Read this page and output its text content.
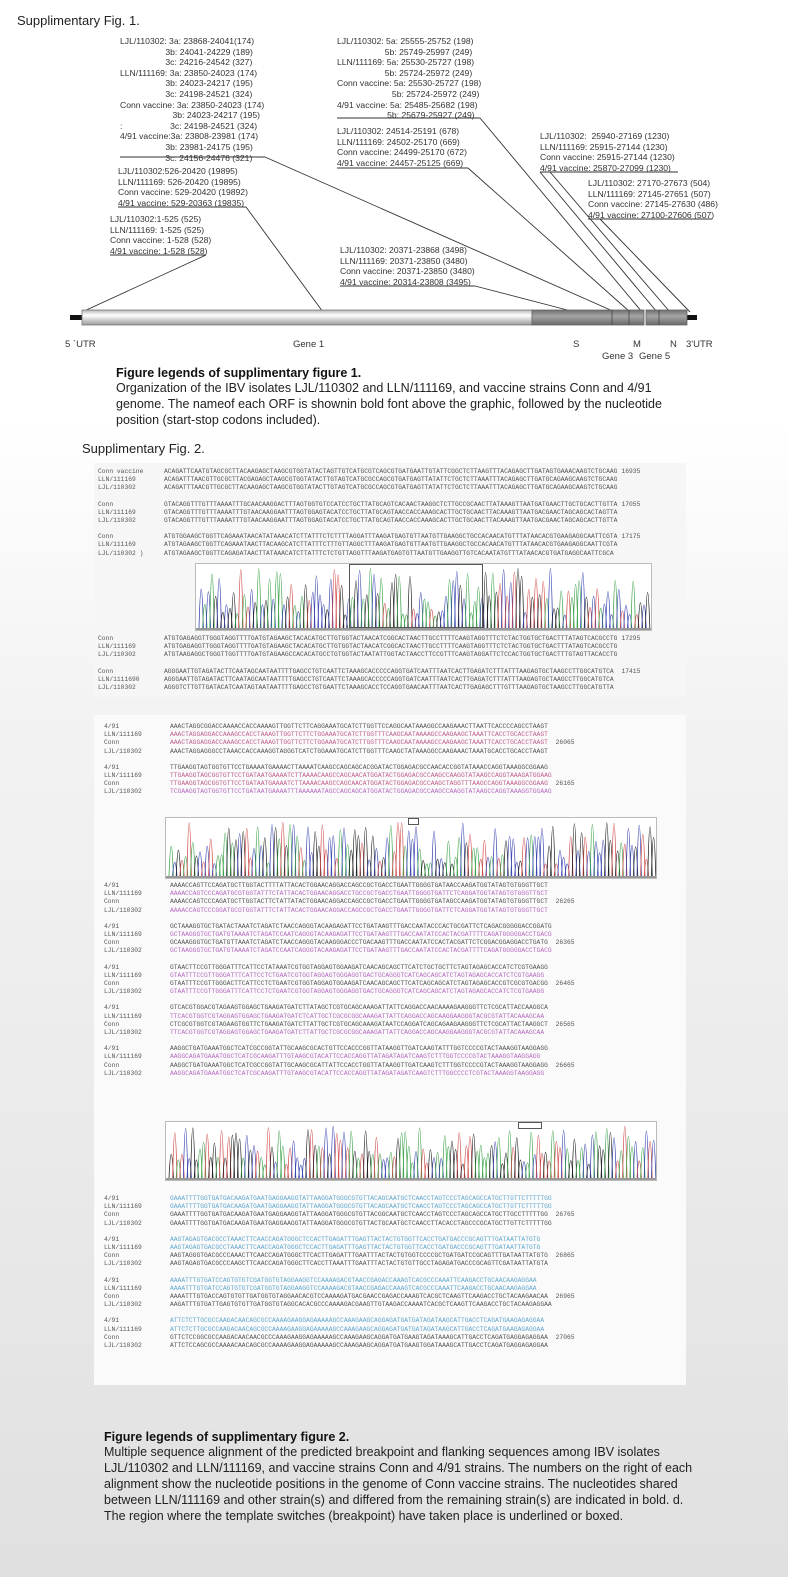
Supplimentary Fig. 1.
LJL/110302: 3a: 23868-24041(174)
3b: 24041-24229 (189)
3c: 24216-24542 (327)
LLN/111169: 3a: 23850-24023 (174)
3b: 24023-24217 (195)
3c: 24198-24521 (324)
Conn vaccine: 3a: 23850-24023 (174)
3b: 24023-24217 (195)
:                    3c: 24198-24521 (324)
4/91 vaccine:3a: 23808-23981 (174)
3b: 23981-24175 (195)
3c: 24156-24476 (321)
LJL/110302: 5a: 25555-25752 (198)
5b: 25749-25997 (249)
LLN/111169: 5a: 25530-25727 (198)
5b: 25724-25972 (249)
Conn vaccine: 5a: 25530-25727 (198)
5b: 25724-25972 (249)
4/91 vaccine: 5a: 25485-25682 (198)
5b: 25679-25927 (249)
LJL/110302: 24514-25191 (678)
LLN/111169: 24502-25170 (669)
Conn vaccine: 24499-25170 (672)
4/91 vaccine: 24457-25125 (669)
LJL/110302:  25940-27169 (1230)
LLN/111169: 25915-27144 (1230)
Conn vaccine: 25915-27144 (1230)
4/91 vaccine: 25870-27099 (1230)
LJL/110302: 27170-27673 (504)
LLN/111169: 27145-27651 (507)
Conn vaccine: 27145-27630 (486)
4/91 vaccine: 27100-27606 (507)
LJL/110302:526-20420 (19895)
LLN/111169: 526-20420 (19895)
Conn vaccine: 529-20420 (19892)
4/91 vaccine: 529-20363 (19835)
LJL/110302:1-525 (525)
LLN/111169: 1-525 (525)
Conn vaccine: 1-528 (528)
4/91 vaccine: 1-528 (528)	LJL/110302: 20371-23868 (3498)
LLN/111169: 20371-23850 (3480)
Conn vaccine: 20371-23850 (3480)
4/91 vaccine: 20314-23808 (3495)
5 `UTR	Gene 1	S	M	N 3'UTR
Gene 3 Gene 5
Figure legends of supplimentary figure 1.

Organization of the IBV isolates LJL/110302 and LLN/111169, and vaccine strains Conn and 4/91 genome. The nameof each ORF is shownin bold font above the graphic, followed by the nucleotide position (start-stop codons included).

Supplimentary Fig. 2.
Conn vaccine	ACAGATTCAATGTAGCGCTTACAAGAGCTAAGCGTGGTATACTAGTTGTCATGCGTCAGCGTGATGAATTGTATTCGGCTCTTAAGTTTACAGAGCTTGATAGTGAAACAAGTCTGCAAG 16935
LLN/111169	ACAGATTTAACGTTGCGCTTACGAGAGCTAAGCGTGGTATACTTGTAGTCATGCGCCAGCGTGATGAGTTATATTCTGCTCTTAAATTTACAGAGCTTGATGCAGAAGCAAGTCTGCAAG
LJL/110302	ACAGATTTAACGTTGCGCTTACAAGAGCTAAGCGTGGTATACTTGTAGTCATGCGCCAGCGTGATGAGTTATATTCTGCTCTTAAATTTACAGAGCTTGATGCAGAAGCAAGTCTGCAAG
Conn	GTACAGGTTTGTTTAAAATTTGCAACAAGGACTTTAGTGGTGTCCATCCTGCTTATGCAGTCACAACTAAGGCTCTTGCCGCAACTTATAAAGTTAATGATGAACTTGCTGCACTTGTTA 17055
LLN/111169	GTACAGGTTTGTTTAAAATTTGTAACAAGGAATTTAGTGGAGTACATCCTGCTTATGCAGTAACCACCAAAGCACTTGCTGCAACTTACAAAGTTAATGACGAACTAGCAGCACTAGTTA
LJL/110302	GTACAGGTTTGTTTAAAATTTGTAACAAGGAATTTAGTGGAGTACATCCTGCTTATGCAGTAACCACCAAAGCACTTGCTGCAACTTACAAAGTTAATGACGAACTAGCAGCACTTGTTA
Conn	ATGTGGAAGCTGGTTCAGAAATAACATATAAACATCTTATTTCTCTTTTAGGATTTAAGATGAGTGTTAATGTTGAAGGCTGCCACAACATGTTTATAACACGTGAAGAGGCAATTCGTA 17175
LLN/111169	ATGTAGAAGCTGGTTCAGAAATAACTTACAAGCATCTTATTTCTTTGTTAGGCTTTAAGATGAGTGTTAATGTTGAAGGCTGCCACAACATGTTTATAACACGTGAAGAGGCAATTCGTA
LJL/110302 )	ATGTAGAAGCTGGTTCAGAGATAACTTATAAACATCTTATTTCTCTGTTAGGTTTAAGATGAGTGTTAATGTTGAAGGTTGTCACAATATGTTTATAACACGTGATGAGGCAATTCGCA
Conn	ATGTGAGAGGTTGGGTAGGTTTTGATGTAGAAGCTACACATGCTTGTGGTACTAACATCGGCACTAACTTGCCTTTTCAAGTAGGTTTCTCTACTGGTGCTGACTTTATAGTCACGCCTG 17295
LLN/111169	ATGTGAGAGGTTGGGTAGGTTTTGATGTAGAAGCTACACATGCTTGTGGTACTAACATCGGCACTAACTTGCCTTTTCAAGTAGGTTTCTCTACTGGTGCTGACTTTATAGTCACGCCTG
LJL/110302	ATGTAAGAGGCTGGGTTGGTTTTGATGTAGAAGCCACACATGCCTGTGGTACTAATATTGGTACTAACCTTCCGTTTCAAGTAGGATTCTCCACTGGTGCTGACTTTGTAGTTACACCTG
Conn	AGGGAATTGTAGATACTTCAATAGCAATAATTTTGAGCCTGTCAATTCTAAAGCACCCCCAGGTGATCAATTTAATCACTTGAGATCTTTATTTAAGAGTGCTAAGCCTTGGCATGTCA 17415
LLN/1111690	AGGGAATTGTAGATACTTCAATAGCAATAATTTTGAGCCTGTCAATTCTAAAGCACCCCCAGGTGATCAATTTAATCACTTGAGATCTTTATTTAAGAGTGCTAAGCCTTGGCATGTCA
LJL/110302	AGGGTCTTGTTGATACATCAATAGTAATAATTTTGAGCCTGTGAATTCTAAAGCACCTCCAGGTGAACAATTTAATCACTTGAGAGCTTTGTTTAAGAGTGCTAAGCCTTGGCATGTTA
4/91	AAACTAGGCGGACCAAAACCACCAAAAGTTGGTTCTTCAGGAAATGCATCTTGGTTCCAGGCAATAAAGGCCAAGAAACTTAATTCACCCCAGCCTAAGT
LLN/111169	AAACTAGGAGGACCAAAGCCACCTAAAGTTGGTTCTTCTGGAAATGCATCTTGGTTTCAAGCAATAAAAGCCAAGAAGCTAAATTCACCTGCACCTAAGT
Conn	AAACTAGGAGGACCAAAGCCACCTAAAGTTGGTTCTTCTGGAAATGCATCTTGGTTTCAAGCAATAAAAGCCAAGAAGCTAAATTCACCTGCACCTAAGT 26065
LJL/110302	AAACTAGGAGGGCCTAAACCACCAAAGGTAGGGTCATCTGGAAATGCATCTTGGTTTCAAGCTATAAAGGCCAAGAAACTAAATGCACCTGCACCTAAGT
4/91	TTGAAGGTAGTGGTGTTCCTGAAAATGAAAACTTAAAATCAAGCCAGCAGCACGGATACTGGAGACGCCAACACCGGTATAAACCAGGTAAAGGCGGAAG
LLN/111169	TTGAAGGTAGCGGTGTTCCTGATAATGAAAATCTTAAAACAAGCCAGCAACATGGATACTGGAGACGCCAAGCCAAGGTATAAGCCAGGTAAAGATGGAAG
Conn	TTGAAGGTAGCGGTGTTCCTGATAATGAAAATCTTAAAACAAGCCAGCAACATGGATACTGGAGACGCCAAGCTAGGTTTAAGCCAGGTAAAGGCGGAAG 26165
LJL/110302	TCGAAGGTAGTGGTGTTCCTGATAATGAAAATTTAAAAAATAGCCAGCAGCATGGATACTGGAGACGCCAAGCCAAGGTATAAGCCAGGTAAAGGTGGAAG
4/91	AAAACCAGTTCCAGATGCTTGGTACTTTTATTACACTGGAACAGGACCAGCCGCTGACCTGAATTGGGGTGATAACCAAGATGGTATAGTGTGGGTTGCT
LLN/111169	AAAACCAGTCCCAGATGCGTGGTATTTCTATTACACTGGAACAGGACCTGCCGCTGACCTGAATTGGGGTGATTCTCAGGATGGTATAGTGTGGGTTGCT
Conn	AAAACCAGTCCCAGATGCTTGGTACTTCTATTATACTGGAACAGGACCAGCCGCTGACCTGAATTGGGGTGATAGCCAAGATGGTATAGTGTGGGTTGCT 26265
LJL/110302	AAAACCAGTCCCGGATGCGTGGTATTTCTATTACACTGGAACAGGACCAGCCGCTGACCTGAATTGGGGTGATTCTCAGGATGGTATAGTGTGGGTTGCT
4/91	GCTAAAGGTGCTGATACTAAATCTAGATCTAACCAGGGTACAAGAGATTCCTGATAAGTTTGACCAATACCCACTGCGATTCTCAGACGGGGGACCGGATG
LLN/111169	GCTAAGGGTGCTGATGTAAAATCTAGATCCAATCAGGGTACAAGAGATTCCTGATAAGTTTGACCAATATCCACTACGATTTTCAGATGGGGGACCTGACG
Conn	GCAAAGGGTGCTGATGTTAAATCTAGATCTAACCAGGGTACAAGGGACCCTGACAAGTTTGACCAATATCCACTACGATTCTCGGACGGAGGACCTGATG 26365
LJL/110302	GCTAAGGGTGCTGATGTAAAATCTAGATCCAATCAGGGTACAAGAGATTCCTGATAAGTTTGACCAATATCCACTACGATTTTCAGATGGGGGACCTGACG
4/91	GTAACTTCCGTTGGGATTTCATTCCTATAAATCGTGGTAGGAGTGGAAGATCAACAGCAGCTTCATCTGCTGCTTCTAGTAGAGCACCATCTCGTGAAGG
LLN/111169	GTAATTTCCGTTGGGATTTCATTCCTCTGAATCGTGGTAGGAGTGGGAGGTGACTGCAGGGTCATCAGCAGCATCTAGTAGAGCACCATCTCGTGAAGG
Conn	GTAATTTCCGTTGGGACTTCATTCCTCTGAATCGTGGTAGGAGTGGAAGATCAACAGCAGCTTCATCAGCAGCATCTAGTAGAGCACCGTCGCGTGACGG 26465
LJL/110302	GTAATTTCCGTTGGGATTTCATTCCTCTGAATCGTGGTAGGAGTGGGAGGTGACTGCAGGGTCATCAGCAGCATCTAGTAGAGCACCATCTCGTGAAGG
4/91	GTCACGTGGACGTAGAAGTGGAGCTGAAGATGATCTTATAGCTCGTGCAGCAAAGATTATTCAGGACCAACAAAAGAAGGGTTCTCGCATTACCAAGGCA
LLN/111169	TTCACGTGGTCGTAGGAGTGGAGCTGAAGATGATCTCATTGCTCGCGCGGCAAAGATTATTCAGGACCAGCAAGGAAGGGTACGCGTATTACAAAGCAA
Conn	CTCGCGTGGTCGTAGAAGTGGTTCTGAAGATGATCTTATTGCTCGTGCAGCAAAGATAATCCAGGATCAGCAGAAGAAGGGTTCTCGCATTACTAAGGCT 26565
LJL/110302	TTCACGTGGTCGTAGGAGTGGAGCTGAAGATGATCTTATTGCTCGCGCGGCAAAGATTATTCAGGACCAGCAAGGAAGGGTACGCGTATTACAAAGCAA
4/91	AAGGCTGATGAAATGGCTCATCGCCGGTATTGCAAGCGCACTGTTCCACCCGGTTATAAGGTTGATCAAGTATTTGGTCCCCGTACTAAAGGTAAGGAGG
LLN/111169	AAGGCAGATGAAATGGCTCATCGCAAGATTTGTAAGCGTACATTCCACCAGGTTATAGATAGATCAAGTCTTTGGTCCCCGTACTAAAGGTAAGGAGG
Conn	AAGGCTGATGAAATGGCTCATCGCCGGTATTGCAAGCGCATTATTCCACCTGGTTATAAGGTTGATCAAGTCTTTGGTCCCCGTACTAAAGGTAAGGAGG 26665
LJL/110302	AAGGCAGATGAAATGGCTCATCGCAAGATTTGTAAGCGTACATTCCACCAGGTTATAGATAGATCAAGTCTTTGGCCCCTCGTACTAAAGGTAAGGAGG
4/91	GAAATTTTGGTGATGACAAGATGAATGAGGAAGGTATTAAGGATGGGCGTGTTACAGCAATGCTCAACCTAGTCCCTAGCAGCCATGCTTGTTCTTTTTGG
LLN/111169	GAAATTTTGGTGATGACAAGATGAATGAGGAAGGTATTAAGGATGGGCGTGTTACAGCAATGCTCAACCTAGTCCCTAGCAGCCATGCTTGTTCTTTTTGG
Conn	GAAATTTTGGTGATGACAAGATGAATGAGGAAGGTATTAAGGATGGGCGTGTTACGGCAATGCTCAACCTAGTCCCTAGCAGCCATGCTTGCCTTTTTGG 26765
LJL/110302	GAAATTTTGGTGATGACAAGATGAATGAGGAAGGTATTAAGGATGGGCGTGTTACTGCAATGCTCAACCTTACACCTAGCCCGCATGCTTGTTCTTTTTGG
4/91	AAGTAGAGTGACGCCTAAACTTCAACCAGATGGGCTCCACTTGAGATTTGAGTTACTACTGTGGTTCACCTGATGACCCGCAGTTTGATAATTATGTG
LLN/111169	AAGTAGAGTGACGCCTAAACTTCAACCAGATGGGCTCCACTTGAGATTTGAGTTACTACTGTGGTTCACCTGATGACCCGCAGTTTGATAATTATGTG
Conn	AAGTAGGGTGACGCCCAAACTTCAACCAGATGGGCTTCACTTGAGATTTGAATTTACTACTGTGGTCCCCGCTGATGATCCGCAGTTTGATAATTATGTG 26865
LJL/110302	AAGTAGAGTGACGCCCAAGCTTCAACCAGATGGGCTTCACCTTAAATTTGAATTTACTACTGTGTTGCCTAGAGATGACCCGCAGTTCGATAATTATGTA
4/91	AAAATTTGTGATCCAGTGTGTCGATGGTGTAGGAAGGTCCAAAAGACGTAACCGAGACCAAAGTCACGCCCAAATTCAAGACCTGCAACAAGAGGAA
LLN/111169	AAAATTTGTGATCCAGTGTGTCGATGGTGTAGGAAGGTCCAAAAGACGTAACCGAGACCAAAGTCACGCCCAAATTCAAGACCTGCAACAAGAGGAA
Conn	AAAATTTGTGACCAGTGTGTTGATGGTGTAGGAACACGTCCAAAAGATGACGAACCGAGACCAAAGTCACGCTCAAGTTCAAGACCTGCTACAAGAACAA 26965
LJL/110302	AAGATTTGTGATTGAGTGTGTTGATGGTGTAGGCACACGCCCAAAAGACGAAGTTGTAAGACCAAAATCACGCTCAAGTTCAAGACCTGCTACAAGAGGAA
4/91	ATTCTCTTGCGCCAAGACAACAGCGCCAAAAGAAGGAGAAAAAGCCAAAGAAGCAGGAGATGATGATAGATAAGCATTGACCTCAGATGAAGAGAGGAA
LLN/111169	ATTCTCTTGCGCCAAGACAACAGCGCCAAAAGAAGGAGAAAAAGCCAAAGAAGCAGGAGATGATGATAGATAAGCATTGACCTCAGATGAAGAGAGGAA
Conn	GTTCTCCGGCGCCAAGACAACAACGCCCAAAGAAGGAGAAAAAGCCAAAGAAGCAGGATGATGAAGTAGATAAAGCATTGACCTCAGATGAGGAGAGGAA 27065
LJL/110302	ATTCTCCAGCGCCAAAACAACAGCGCCAAAAGAAGGAGAAAAAGCCAAAGAAGCAGGATGATGAAGTGGATAAAGCATTGACCTCAGATGAGGAGAGGAA
Figure legends of supplimentary figure 2.

Multiple sequence alignment of the predicted breakpoint and flanking sequences among IBV isolates LJL/110302 and LLN/111169, and vaccine strains Conn and 4/91 strains. The numbers on the right of each alignment show the nucleotide positions in the genome of Conn vaccine strains. The nucleotides shared between LLN/111169 and other strain(s) and differed from the remaining strain(s) are indicated in bold. d. The region where the template switches (breakpoint) have taken place is underlined or boxed.
